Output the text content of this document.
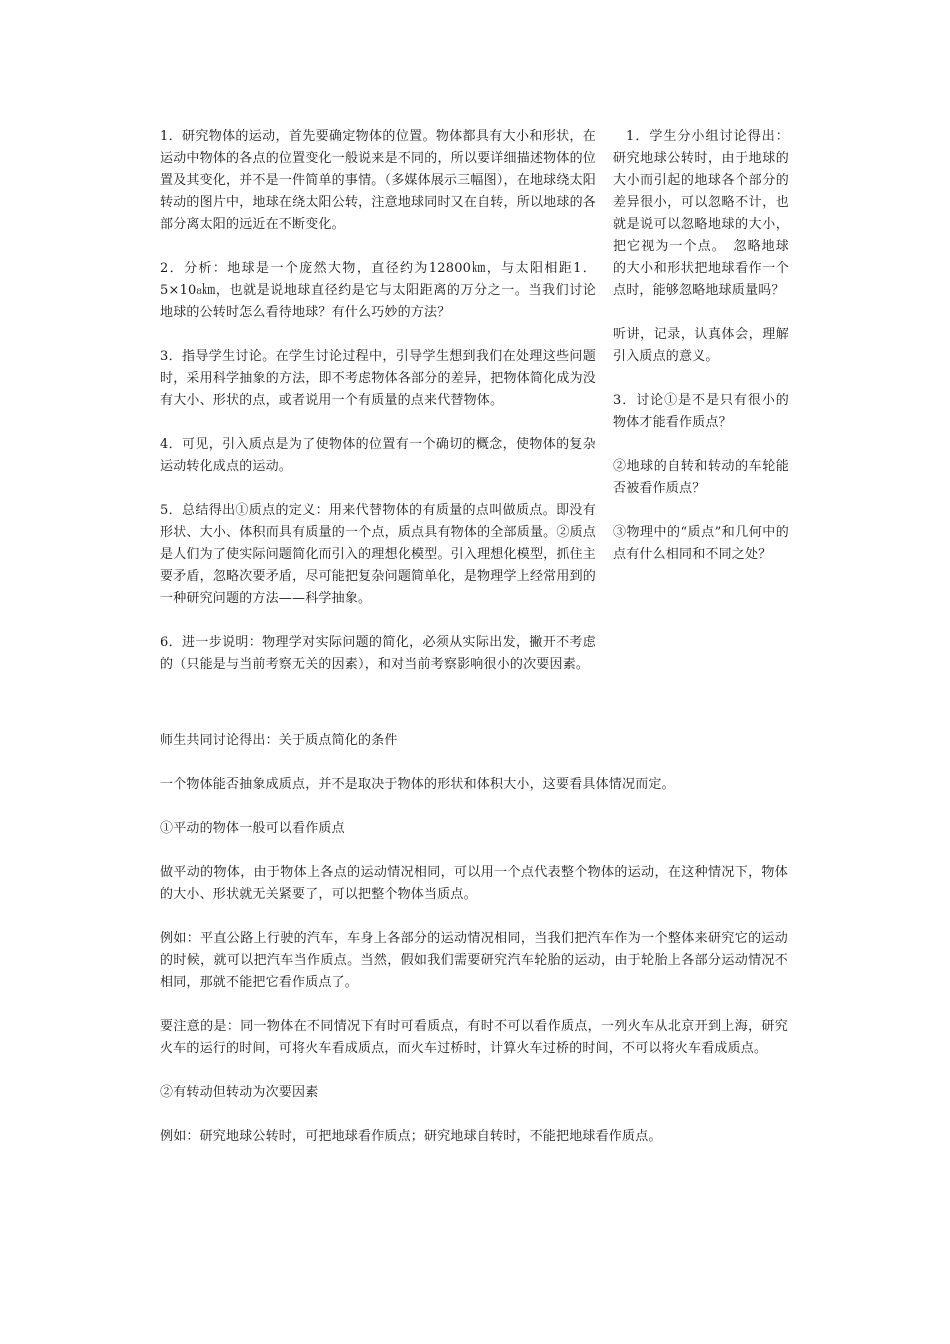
1．研究物体的运动，首先要确定物体的位置。物体都具有大小和形状，在运动中物体的各点的位置变化一般说来是不同的，所以要详细描述物体的位置及其变化，并不是一件简单的事情。（多媒体展示三幅图），在地球绕太阳转动的图片中，地球在绕太阳公转，注意地球同时又在自转，所以地球的各部分离太阳的远近在不断变化。

2．分析：地球是一个庞然大物，直径约为12800㎞，与太阳相距1．5×10₈㎞，也就是说地球直径约是它与太阳距离的万分之一。当我们讨论地球的公转时怎么看待地球？有什么巧妙的方法？

3．指导学生讨论。在学生讨论过程中，引导学生想到我们在处理这些问题时，采用科学抽象的方法，即不考虑物体各部分的差异，把物体简化成为没有大小、形状的点，或者说用一个有质量的点来代替物体。

4．可见，引入质点是为了使物体的位置有一个确切的概念，使物体的复杂运动转化成点的运动。

5．总结得出①质点的定义：用来代替物体的有质量的点叫做质点。即没有形状、大小、体积而具有质量的一个点，质点具有物体的全部质量。②质点是人们为了使实际问题简化而引入的理想化模型。引入理想化模型，抓住主要矛盾，忽略次要矛盾，尽可能把复杂问题简单化，是物理学上经常用到的一种研究问题的方法——科学抽象。

6．进一步说明：物理学对实际问题的简化，必须从实际出发，撇开不考虑的（只能是与当前考察无关的因素），和对当前考察影响很小的次要因素。

1．学生分小组讨论得出：研究地球公转时，由于地球的大小而引起的地球各个部分的差异很小，可以忽略不计，也就是说可以忽略地球的大小，把它视为一个点。　忽略地球的大小和形状把地球看作一个点时，能够忽略地球质量吗？

听讲，记录，认真体会，理解引入质点的意义。

3．讨论①是不是只有很小的物体才能看作质点？

②地球的自转和转动的车轮能否被看作质点？

③物理中的“质点”和几何中的点有什么相同和不同之处？

师生共同讨论得出：关于质点简化的条件

一个物体能否抽象成质点，并不是取决于物体的形状和体积大小，这要看具体情况而定。

①平动的物体一般可以看作质点

做平动的物体，由于物体上各点的运动情况相同，可以用一个点代表整个物体的运动，在这种情况下，物体的大小、形状就无关紧要了，可以把整个物体当质点。

例如：平直公路上行驶的汽车，车身上各部分的运动情况相同，当我们把汽车作为一个整体来研究它的运动的时候，就可以把汽车当作质点。当然，假如我们需要研究汽车轮胎的运动，由于轮胎上各部分运动情况不相同，那就不能把它看作质点了。

要注意的是：同一物体在不同情况下有时可看质点，有时不可以看作质点，一列火车从北京开到上海，研究火车的运行的时间，可将火车看成质点，而火车过桥时，计算火车过桥的时间，不可以将火车看成质点。

②有转动但转动为次要因素

例如：研究地球公转时，可把地球看作质点；研究地球自转时，不能把地球看作质点。
